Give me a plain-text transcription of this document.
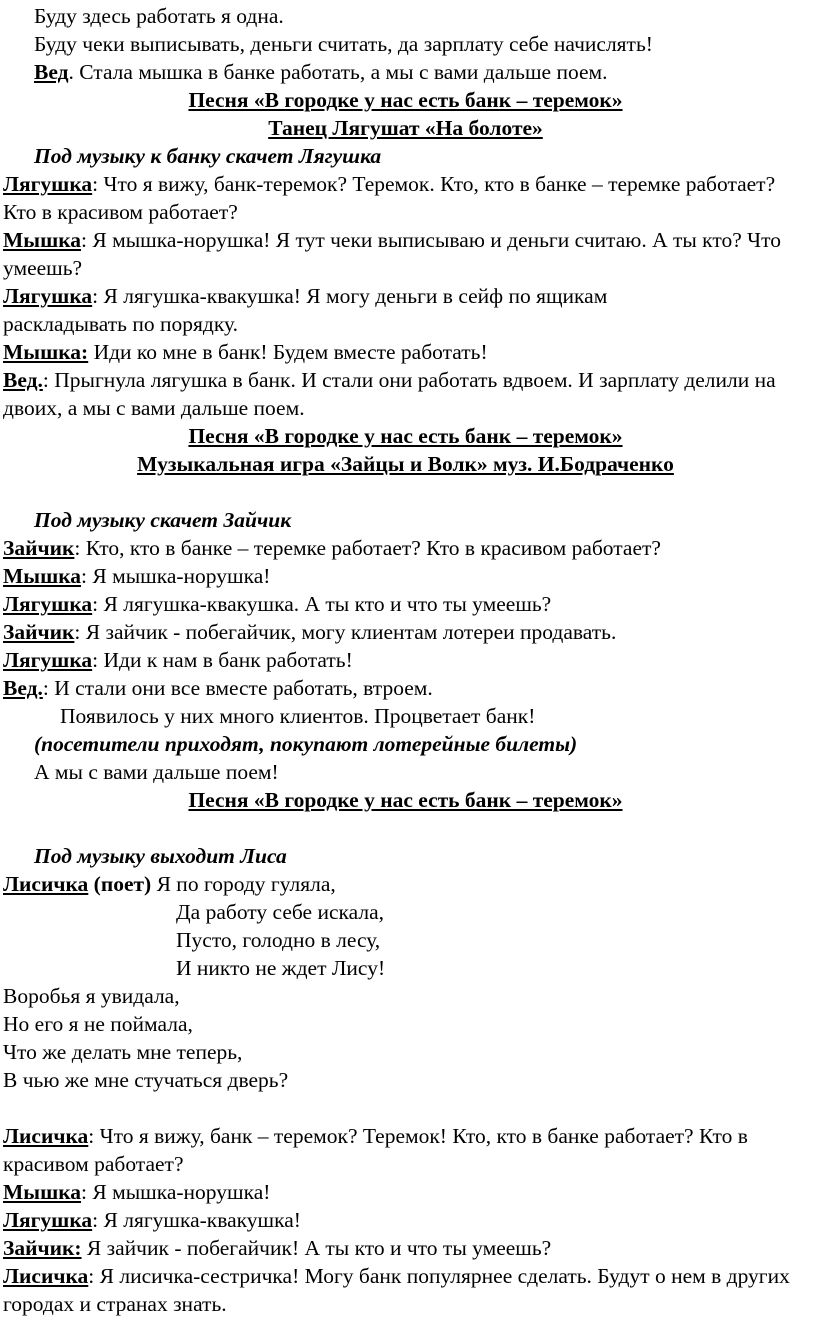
Буду здесь работать я одна.
Буду чеки выписывать, деньги считать, да зарплату себе начислять!
Вед. Стала мышка в банке работать, а мы с вами дальше поем.
Песня «В городке у нас есть банк – теремок»
Танец Лягушат «На болоте»
Под музыку к банку скачет Лягушка
Лягушка: Что я вижу, банк-теремок? Теремок. Кто, кто в банке – теремке работает? Кто в красивом работает?
Мышка: Я мышка-норушка! Я тут чеки выписываю и деньги считаю. А ты кто? Что умеешь?
Лягушка: Я лягушка-квакушка! Я могу деньги в сейф по ящикам раскладывать по порядку.
Мышка: Иди ко мне в банк! Будем вместе работать!
Вед.: Прыгнула лягушка в банк. И стали они работать вдвоем. И зарплату делили на двоих, а мы с вами дальше поем.
Песня «В городке у нас есть банк – теремок»
Музыкальная игра «Зайцы и Волк» муз. И.Бодраченко
Под музыку скачет Зайчик
Зайчик: Кто, кто в банке – теремке работает? Кто в красивом работает?
Мышка: Я мышка-норушка!
Лягушка: Я лягушка-квакушка. А ты кто и что ты умеешь?
Зайчик: Я зайчик - побегайчик, могу клиентам лотереи продавать.
Лягушка: Иди к нам в банк работать!
Вед.: И стали они все вместе работать, втроем.
Появилось у них много клиентов. Процветает банк!
(посетители приходят, покупают лотерейные билеты)
А мы с вами дальше поем!
Песня «В городке у нас есть банк – теремок»
Под музыку выходит Лиса
Лисичка (поет) Я по городу гуляла,
Да работу себе искала,
Пусто, голодно в лесу,
И никто не ждет Лису!
Воробья я увидала,
Но его я не поймала,
Что же делать мне теперь,
В чью же мне стучаться дверь?
Лисичка: Что я вижу, банк – теремок? Теремок! Кто, кто в банке работает? Кто в красивом работает?
Мышка: Я мышка-норушка!
Лягушка: Я лягушка-квакушка!
Зайчик: Я зайчик - побегайчик! А ты кто и что ты умеешь?
Лисичка: Я лисичка-сестричка! Могу банк популярнее сделать. Будут о нем в других городах и странах знать.
